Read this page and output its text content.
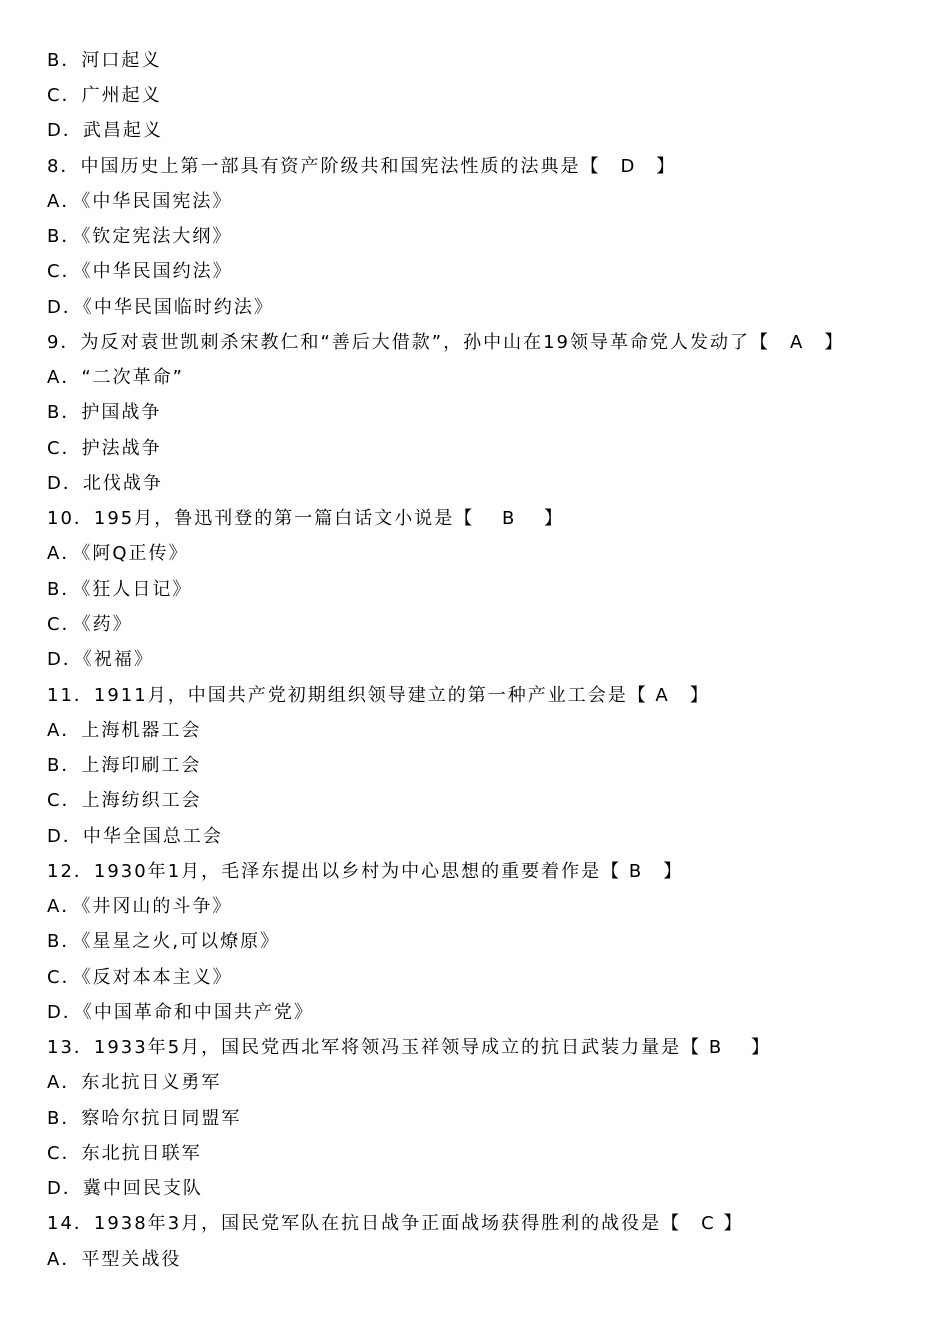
B．河口起义
C．广州起义
D．武昌起义
8．中国历史上第一部具有资产阶级共和国宪法性质的法典是【　D　】
A．《中华民国宪法》
B．《钦定宪法大纲》
C．《中华民国约法》
D．《中华民国临时约法》
9．为反对袁世凯刺杀宋教仁和“善后大借款”，孙中山在19领导革命党人发动了【　A　】
A．“二次革命”
B．护国战争
C．护法战争
D．北伐战争
10．195月，鲁迅刊登的第一篇白话文小说是【　 B　 】
A．《阿Q正传》
B．《狂人日记》
C．《药》
D．《祝福》
11．1911月，中国共产党初期组织领导建立的第一种产业工会是【 A　】
A．上海机器工会
B．上海印刷工会
C．上海纺织工会
D．中华全国总工会
12．1930年1月，毛泽东提出以乡村为中心思想的重要着作是【 B　】
A．《井冈山的斗争》
B．《星星之火,可以燎原》
C．《反对本本主义》
D．《中国革命和中国共产党》
13．1933年5月，国民党西北军将领冯玉祥领导成立的抗日武装力量是【 B　 】
A．东北抗日义勇军
B．察哈尔抗日同盟军
C．东北抗日联军
D．冀中回民支队
14．1938年3月，国民党军队在抗日战争正面战场获得胜利的战役是【　C 】
A．平型关战役
